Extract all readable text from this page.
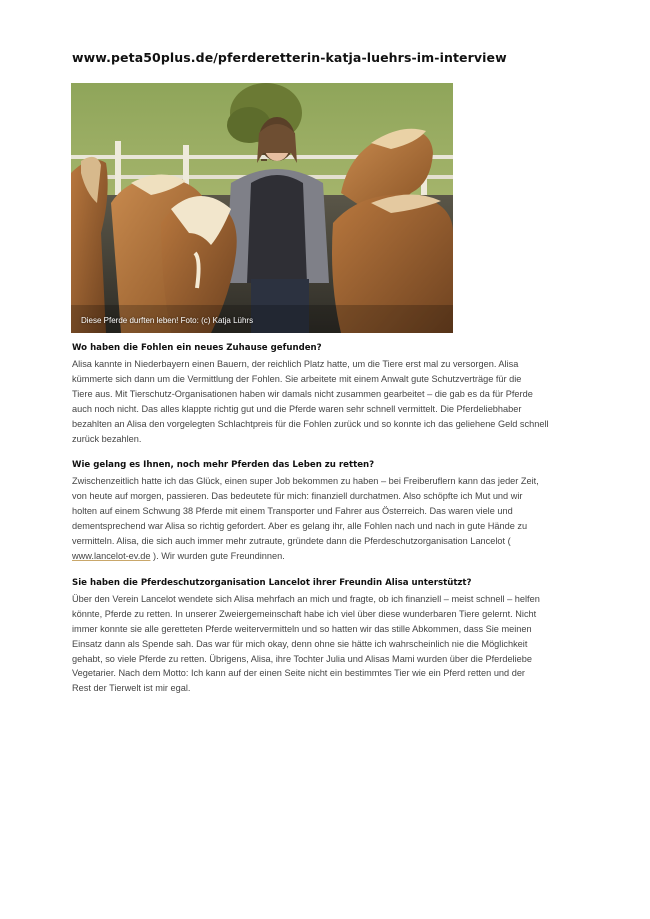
www.peta50plus.de/pferderetterin-katja-luehrs-im-interview
Diese Pferde durften leben! Foto: (c) Katja Lührs
Wo haben die Fohlen ein neues Zuhause gefunden?
Alisa kannte in Niederbayern einen Bauern, der reichlich Platz hatte, um die Tiere erst mal zu versorgen. Alisa
kümmerte sich dann um die Vermittlung der Fohlen. Sie arbeitete mit einem Anwalt gute Schutzverträge für die
Tiere aus. Mit Tierschutz-Organisationen haben wir damals nicht zusammen gearbeitet – die gab es da für Pferde
auch noch nicht. Das alles klappte richtig gut und die Pferde waren sehr schnell vermittelt. Die Pferdeliebhaber
bezahlten an Alisa den vorgelegten Schlachtpreis für die Fohlen zurück und so konnte ich das geliehene Geld schnell
zurück bezahlen.
Wie gelang es Ihnen, noch mehr Pferden das Leben zu retten?
Zwischenzeitlich hatte ich das Glück, einen super Job bekommen zu haben – bei Freiberuflern kann das jeder Zeit,
von heute auf morgen, passieren. Das bedeutete für mich: finanziell durchatmen. Also schöpfte ich Mut und wir
holten auf einem Schwung 38 Pferde mit einem Transporter und Fahrer aus Österreich. Das waren viele und
dementsprechend war Alisa so richtig gefordert. Aber es gelang ihr, alle Fohlen nach und nach in gute Hände zu
vermitteln. Alisa, die sich auch immer mehr zutraute, gründete dann die Pferdeschutzorganisation Lancelot (
www.lancelot-ev.de ). Wir wurden gute Freundinnen.
Sie haben die Pferdeschutzorganisation Lancelot ihrer Freundin Alisa unterstützt?
Über den Verein Lancelot wendete sich Alisa mehrfach an mich und fragte, ob ich finanziell – meist schnell – helfen
könnte, Pferde zu retten. In unserer Zweiergemeinschaft habe ich viel über diese wunderbaren Tiere gelernt. Nicht
immer konnte sie alle geretteten Pferde weitervermitteln und so hatten wir das stille Abkommen, dass Sie meinen
Einsatz dann als Spende sah. Das war für mich okay, denn ohne sie hätte ich wahrscheinlich nie die Möglichkeit
gehabt, so viele Pferde zu retten. Übrigens, Alisa, ihre Tochter Julia und Alisas Mami wurden über die Pferdeliebe
Vegetarier. Nach dem Motto: Ich kann auf der einen Seite nicht ein bestimmtes Tier wie ein Pferd retten und der
Rest der Tierwelt ist mir egal.
